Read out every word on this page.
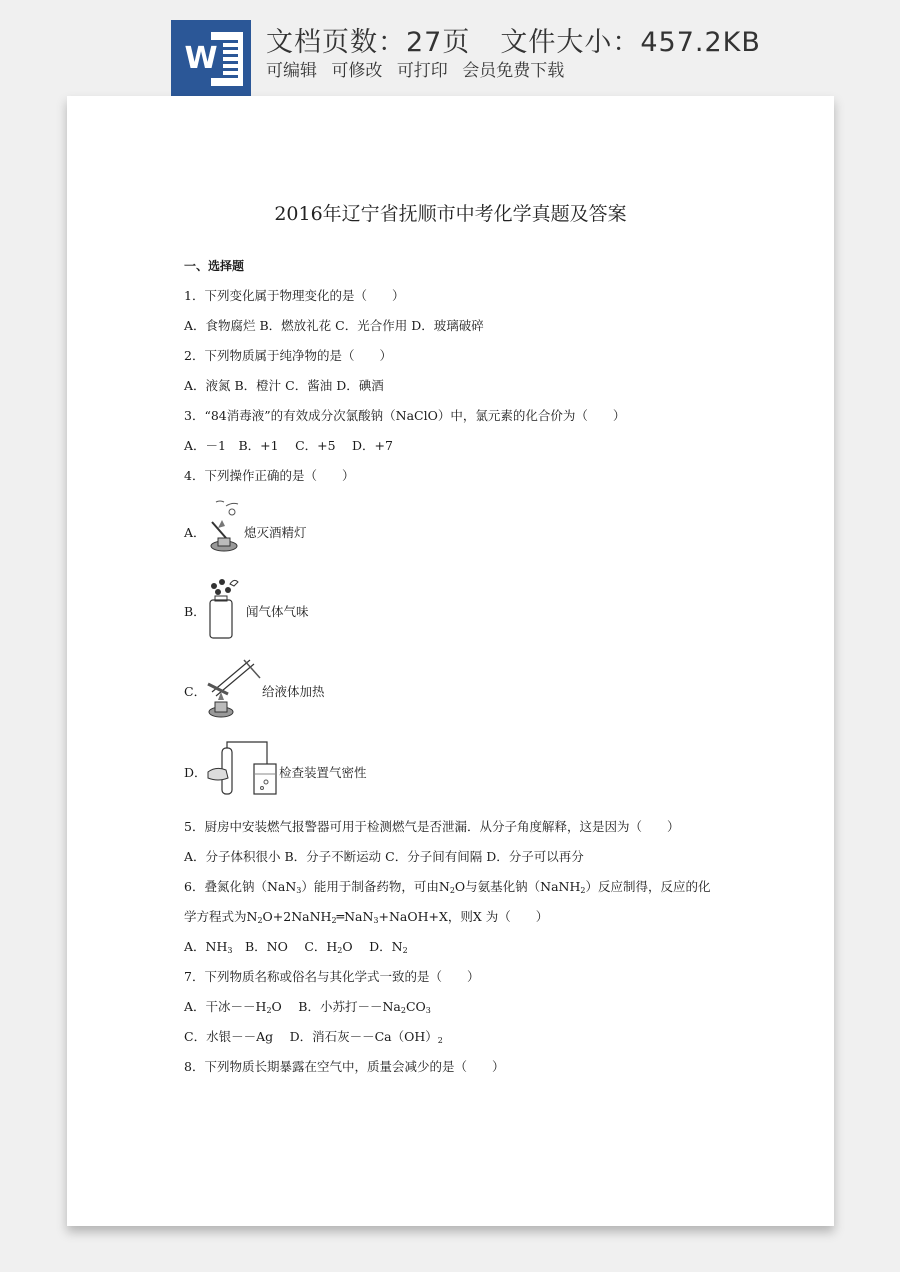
W 文档页数：27页 文件大小：457.2KB
可编辑 可修改 可打印 会员免费下载
2016年辽宁省抚顺市中考化学真题及答案
一、选择题
1．下列变化属于物理变化的是（　　）
A．食物腐烂 B．燃放礼花 C．光合作用 D．玻璃破碎
2．下列物质属于纯净物的是（　　）
A．液氮 B．橙汁 C．酱油 D．碘酒
3．“84消毒液”的有效成分次氯酸钠（NaClO）中，氯元素的化合价为（　　）
A．－1　B．+1　 C．+5　 D．+7
4．下列操作正确的是（　　）
A．	熄灭酒精灯
B．	闻气体气味
C．	给液体加热
D．	检查装置气密性
5．厨房中安装燃气报警器可用于检测燃气是否泄漏．从分子角度解释，这是因为（　　）
A．分子体积很小 B．分子不断运动 C．分子间有间隔 D．分子可以再分
6．叠氮化钠（NaN$_3$）能用于制备药物，可由$N_2O$与氨基化钠（NaNH$_2$）反应制得，反应的化
学方程式为$N_2O+2NaNH_2═NaN_3+NaOH+X$，则X 为（　　）
A．$NH_3$　B．NO　 C．$H_2O$　 D．$N_2$
7．下列物质名称或俗名与其化学式一致的是（　　）
A．干冰$--H_2O$　 B．小苏打$--Na_2CO_3$
C．水银－－Ag　 D．消石灰$--Ca(OH)_2$
8．下列物质长期暴露在空气中，质量会减少的是（　　）
